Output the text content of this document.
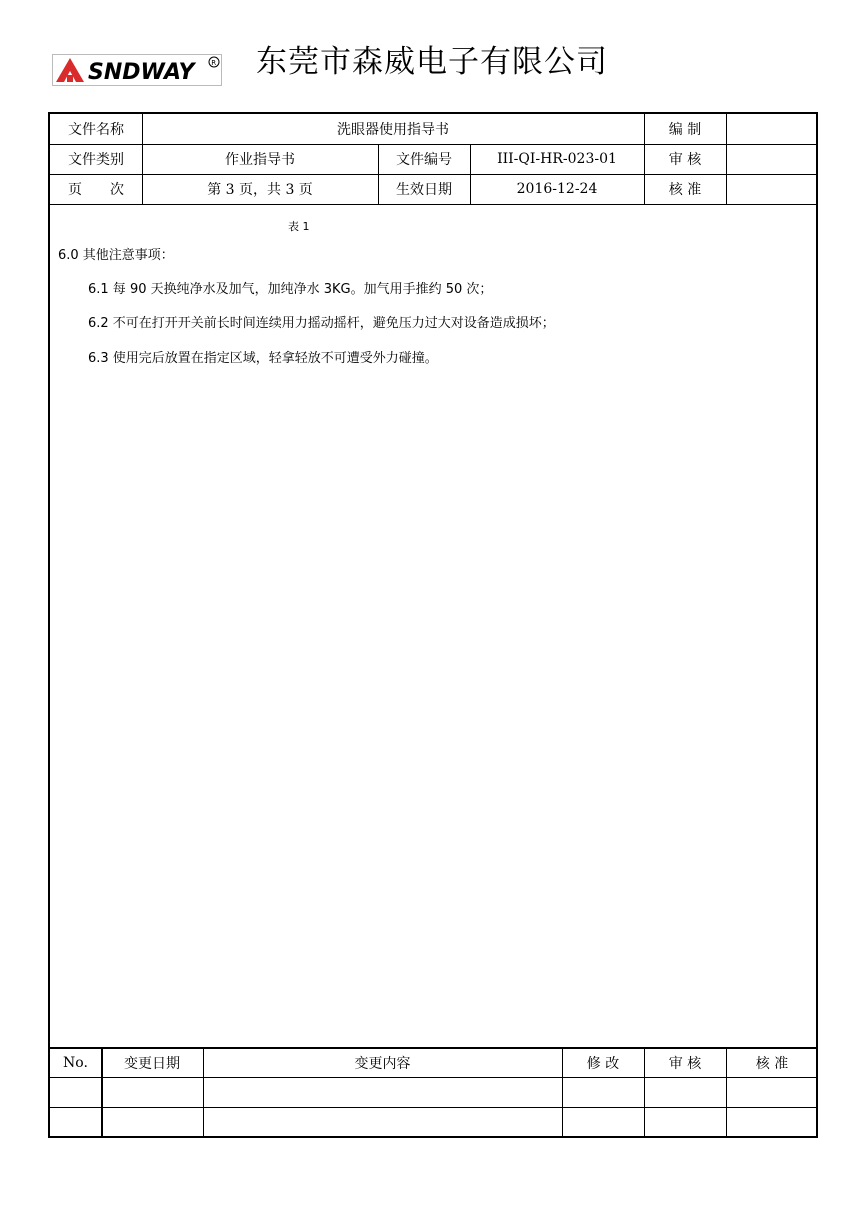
SNDWAY R 东莞市森威电子有限公司
文件名称	洗眼器使用指导书	编 制
文件类别	作业指导书	文件编号	III-QI-HR-023-01	审 核
页　　次	第 3 页，共 3 页	生效日期	2016-12-24	核 准
表 1
6.0 其他注意事项：
6.1 每 90 天换纯净水及加气，加纯净水 3KG。加气用手推约 50 次；
6.2 不可在打开开关前长时间连续用力摇动摇杆，避免压力过大对设备造成损坏；
6.3 使用完后放置在指定区域，轻拿轻放不可遭受外力碰撞。
No.	变更日期	变更内容	修 改	审 核	核 准
